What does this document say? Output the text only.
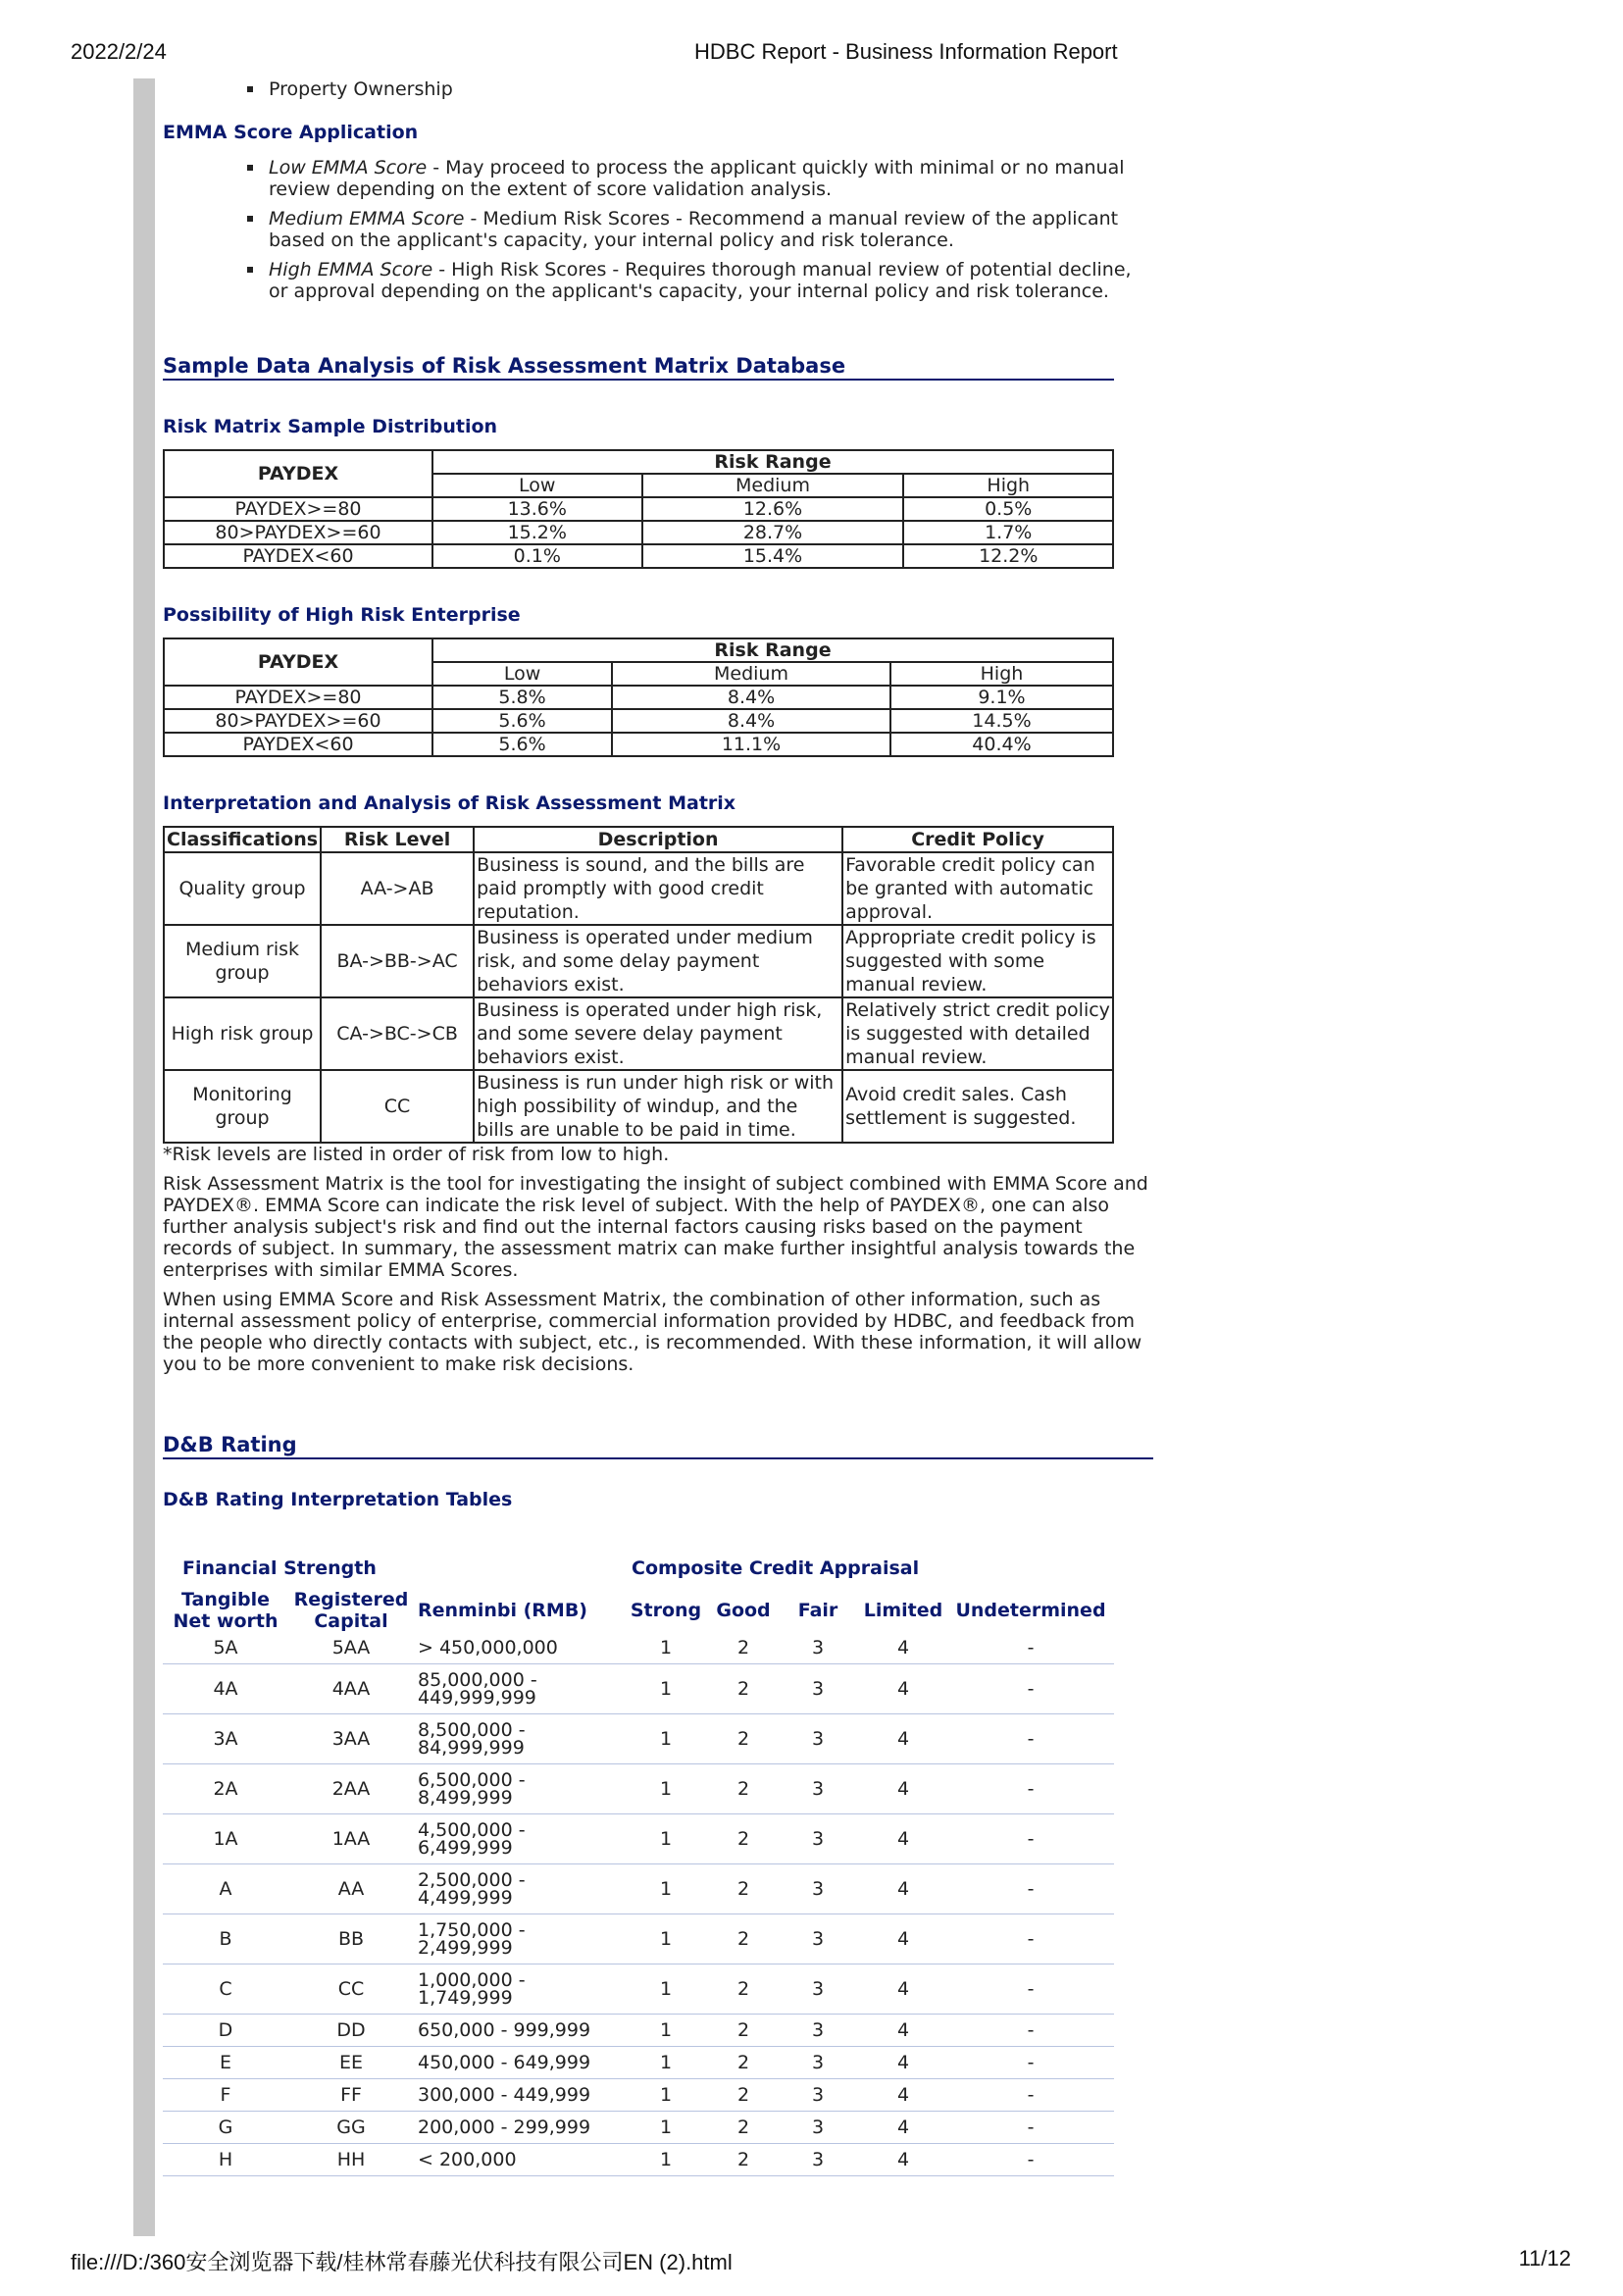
2022/2/24	HDBC Report - Business Information Report
Property Ownership
EMMA Score Application
Low EMMA Score - May proceed to process the applicant quickly with minimal or no manual review depending on the extent of score validation analysis.
Medium EMMA Score - Medium Risk Scores - Recommend a manual review of the applicant based on the applicant's capacity, your internal policy and risk tolerance.
High EMMA Score - High Risk Scores - Requires thorough manual review of potential decline, or approval depending on the applicant's capacity, your internal policy and risk tolerance.
Sample Data Analysis of Risk Assessment Matrix Database
Risk Matrix Sample Distribution
PAYDEX	Risk Range		
	Low	Medium	High
PAYDEX>=80	13.6%	12.6%	0.5%
80>PAYDEX>=60	15.2%	28.7%	1.7%
PAYDEX<60	0.1%	15.4%	12.2%
Possibility of High Risk Enterprise
PAYDEX	Risk Range		
	Low	Medium	High
PAYDEX>=80	5.8%	8.4%	9.1%
80>PAYDEX>=60	5.6%	8.4%	14.5%
PAYDEX<60	5.6%	11.1%	40.4%
Interpretation and Analysis of Risk Assessment Matrix
Classifications	Risk Level	Description	Credit Policy
Quality group	AA->AB	Business is sound, and the bills are paid promptly with good credit reputation.	Favorable credit policy can be granted with automatic approval.
Medium risk group	BA->BB->AC	Business is operated under medium risk, and some delay payment behaviors exist.	Appropriate credit policy is suggested with some manual review.
High risk group	CA->BC->CB	Business is operated under high risk, and some severe delay payment behaviors exist.	Relatively strict credit policy is suggested with detailed manual review.
Monitoring group	CC	Business is run under high risk or with high possibility of windup, and the bills are unable to be paid in time.	Avoid credit sales. Cash settlement is suggested.
*Risk levels are listed in order of risk from low to high.

Risk Assessment Matrix is the tool for investigating the insight of subject combined with EMMA Score and PAYDEX®. EMMA Score can indicate the risk level of subject. With the help of PAYDEX®, one can also further analysis subject's risk and find out the internal factors causing risks based on the payment records of subject. In summary, the assessment matrix can make further insightful analysis towards the enterprises with similar EMMA Scores.

When using EMMA Score and Risk Assessment Matrix, the combination of other information, such as internal assessment policy of enterprise, commercial information provided by HDBC, and feedback from the people who directly contacts with subject, etc., is recommended. With these information, it will allow you to be more convenient to make risk decisions.

D&B Rating
D&B Rating Interpretation Tables
Financial Strength			Composite Credit Appraisal				
Tangible Net worth	Registered Capital	Renminbi (RMB)	Strong	Good	Fair	Limited	Undetermined
5A	5AA	> 450,000,000	1	2	3	4	-
4A	4AA	85,000,000 - 449,999,999	1	2	3	4	-
3A	3AA	8,500,000 - 84,999,999	1	2	3	4	-
2A	2AA	6,500,000 - 8,499,999	1	2	3	4	-
1A	1AA	4,500,000 - 6,499,999	1	2	3	4	-
A	AA	2,500,000 - 4,499,999	1	2	3	4	-
B	BB	1,750,000 - 2,499,999	1	2	3	4	-
C	CC	1,000,000 - 1,749,999	1	2	3	4	-
D	DD	650,000 - 999,999	1	2	3	4	-
E	EE	450,000 - 649,999	1	2	3	4	-
F	FF	300,000 - 449,999	1	2	3	4	-
G	GG	200,000 - 299,999	1	2	3	4	-
H	HH	< 200,000	1	2	3	4	-
file:///D:/360安全浏览器下载/桂林常春藤光伏科技有限公司EN (2).html	11/12
